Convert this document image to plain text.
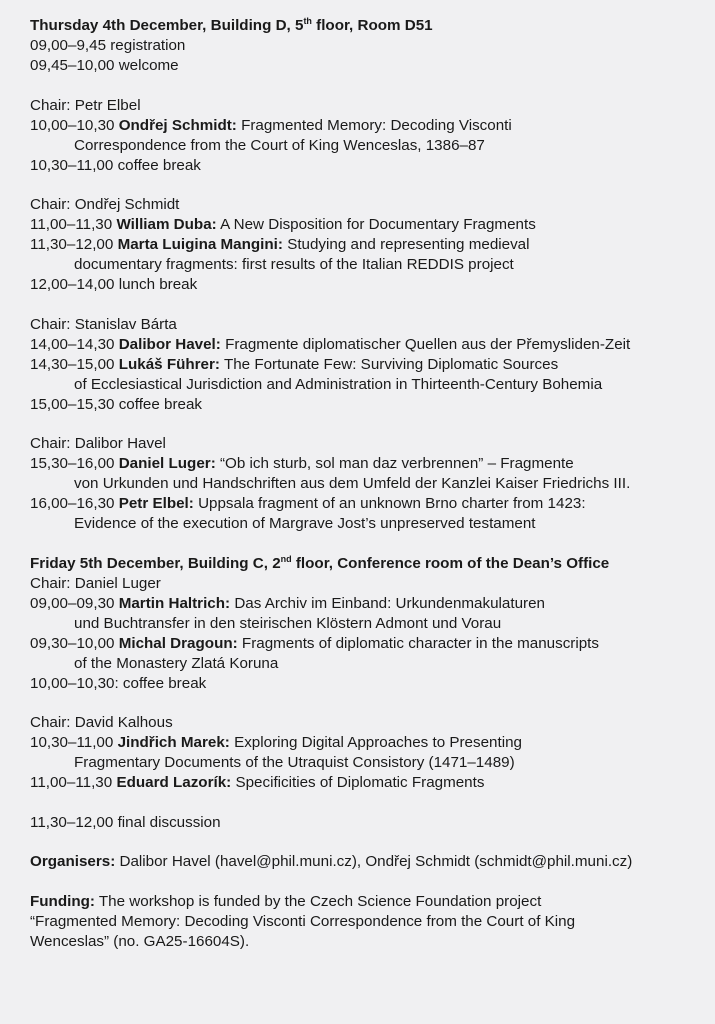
Thursday 4th December, Building D, 5th floor, Room D51
09,00–9,45 registration
09,45–10,00 welcome
Chair: Petr Elbel
10,00–10,30 Ondřej Schmidt: Fragmented Memory: Decoding Visconti
Correspondence from the Court of King Wenceslas, 1386–87
10,30–11,00 coffee break
Chair: Ondřej Schmidt
11,00–11,30 William Duba: A New Disposition for Documentary Fragments
11,30–12,00 Marta Luigina Mangini: Studying and representing medieval
documentary fragments: first results of the Italian REDDIS project
12,00–14,00 lunch break
Chair: Stanislav Bárta
14,00–14,30 Dalibor Havel: Fragmente diplomatischer Quellen aus der Přemysliden-Zeit
14,30–15,00 Lukáš Führer: The Fortunate Few: Surviving Diplomatic Sources
of Ecclesiastical Jurisdiction and Administration in Thirteenth-Century Bohemia
15,00–15,30 coffee break
Chair: Dalibor Havel
15,30–16,00 Daniel Luger: “Ob ich sturb, sol man daz verbrennen” – Fragmente
von Urkunden und Handschriften aus dem Umfeld der Kanzlei Kaiser Friedrichs III.
16,00–16,30 Petr Elbel: Uppsala fragment of an unknown Brno charter from 1423:
Evidence of the execution of Margrave Jost’s unpreserved testament
Friday 5th December, Building C, 2nd floor, Conference room of the Dean’s Office
Chair: Daniel Luger
09,00–09,30 Martin Haltrich: Das Archiv im Einband: Urkundenmakulaturen
und Buchtransfer in den steirischen Klöstern Admont und Vorau
09,30–10,00 Michal Dragoun: Fragments of diplomatic character in the manuscripts
of the Monastery Zlatá Koruna
10,00–10,30: coffee break
Chair: David Kalhous
10,30–11,00 Jindřich Marek: Exploring Digital Approaches to Presenting
Fragmentary Documents of the Utraquist Consistory (1471–1489)
11,00–11,30 Eduard Lazorík: Specificities of Diplomatic Fragments
11,30–12,00 final discussion
Organisers: Dalibor Havel (havel@phil.muni.cz), Ondřej Schmidt (schmidt@phil.muni.cz)
Funding: The workshop is funded by the Czech Science Foundation project
“Fragmented Memory: Decoding Visconti Correspondence from the Court of King
Wenceslas” (no. GA25-16604S).
